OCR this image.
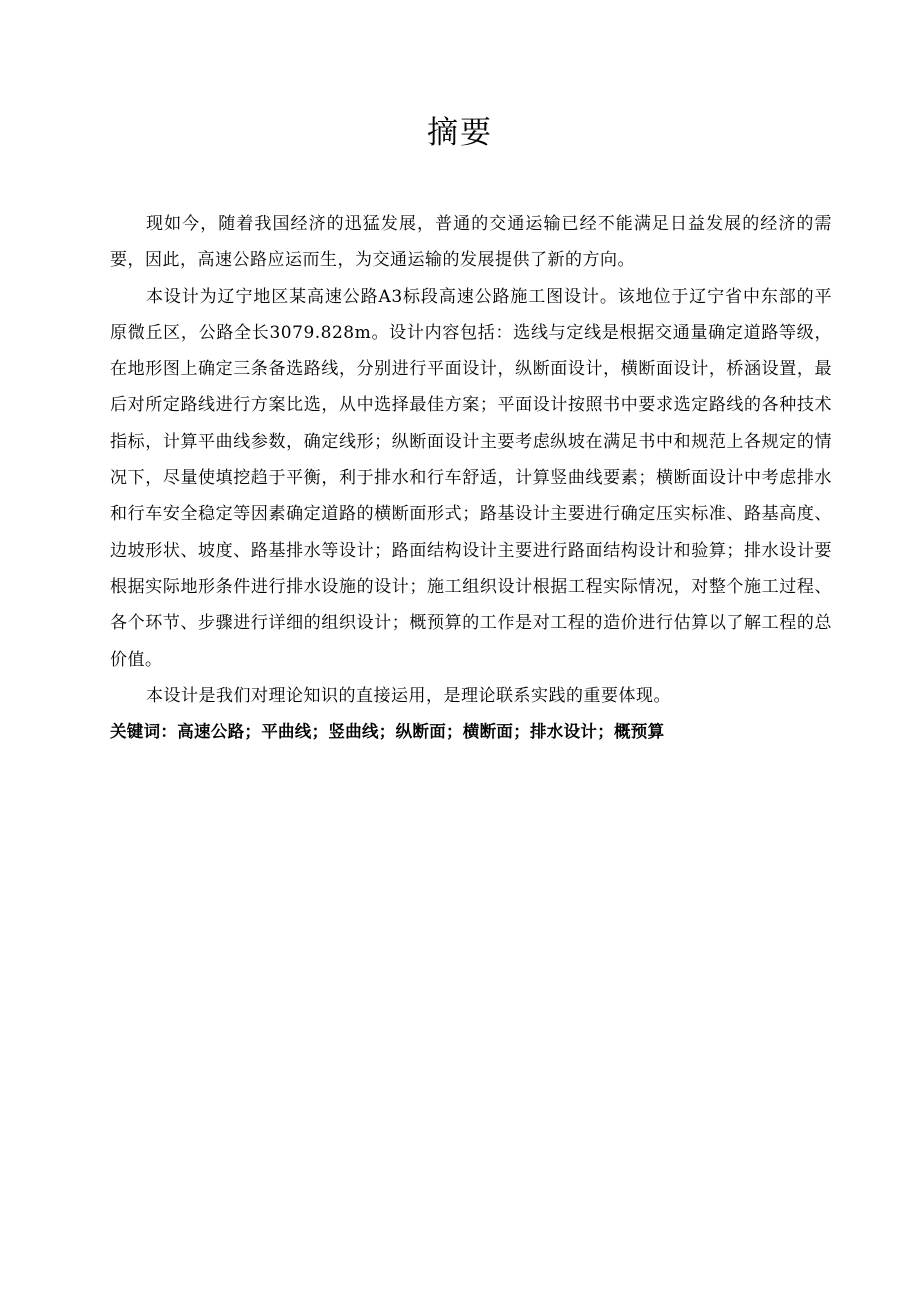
摘要

现如今，随着我国经济的迅猛发展，普通的交通运输已经不能满足日益发展的经济的需要，因此，高速公路应运而生，为交通运输的发展提供了新的方向。

本设计为辽宁地区某高速公路A3标段高速公路施工图设计。该地位于辽宁省中东部的平原微丘区，公路全长3079.828m。设计内容包括：选线与定线是根据交通量确定道路等级，在地形图上确定三条备选路线，分别进行平面设计，纵断面设计，横断面设计，桥涵设置，最后对所定路线进行方案比选，从中选择最佳方案；平面设计按照书中要求选定路线的各种技术指标，计算平曲线参数，确定线形；纵断面设计主要考虑纵坡在满足书中和规范上各规定的情况下，尽量使填挖趋于平衡，利于排水和行车舒适，计算竖曲线要素；横断面设计中考虑排水和行车安全稳定等因素确定道路的横断面形式；路基设计主要进行确定压实标准、路基高度、边坡形状、坡度、路基排水等设计；路面结构设计主要进行路面结构设计和验算；排水设计要根据实际地形条件进行排水设施的设计；施工组织设计根据工程实际情况，对整个施工过程、各个环节、步骤进行详细的组织设计；概预算的工作是对工程的造价进行估算以了解工程的总价值。

本设计是我们对理论知识的直接运用，是理论联系实践的重要体现。

关键词：高速公路；平曲线；竖曲线；纵断面；横断面；排水设计；概预算
